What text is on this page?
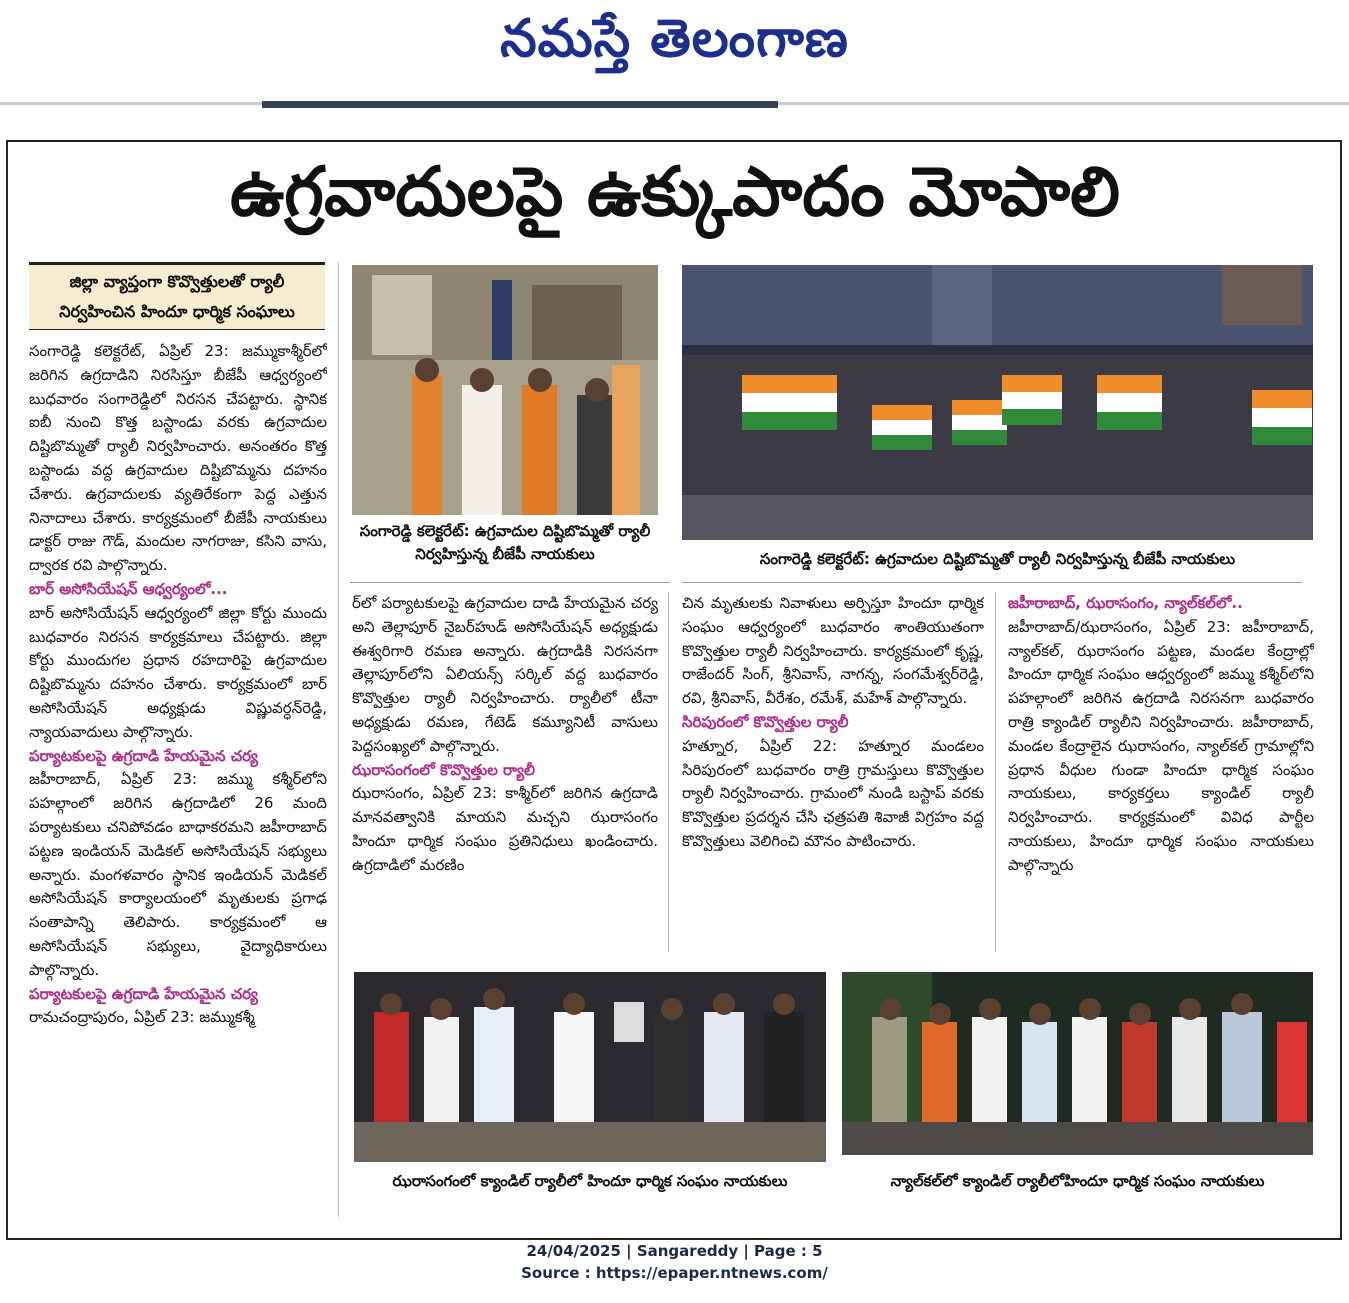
నమస్తే తెలంగాణ
ఉగ్రవాదులపై ఉక్కుపాదం మోపాలి
జిల్లా వ్యాప్తంగా కొవ్వొత్తులతో ర్యాలీ
నిర్వహించిన హిందూ ధార్మిక సంఘాలు

సంగారెడ్డి కలెక్టరేట్, ఏప్రిల్ 23: జమ్ముకాశ్మీర్‌లో జరిగిన ఉగ్రదాడిని నిరసిస్తూ బీజేపీ ఆధ్వర్యంలో బుధవారం సంగారెడ్డిలో నిరసన చేపట్టారు. స్థానిక ఐబీ నుంచి కొత్త బస్టాండు వరకు ఉగ్రవాదుల దిష్టిబొమ్మతో ర్యాలీ నిర్వహించారు. అనంతరం కొత్త బస్టాండు వద్ద ఉగ్రవాదుల దిష్టిబొమ్మను దహనం చేశారు. ఉగ్రవాదులకు వ్యతిరేకంగా పెద్ద ఎత్తున నినాదాలు చేశారు. కార్యక్రమంలో బీజేపీ నాయకులు డాక్టర్ రాజు గౌడ్, మందుల నాగరాజు, కసిని వాసు, ద్వారక రవి పాల్గొన్నారు.

బార్ అసోసియేషన్ ఆధ్వర్యంలో...

బార్ అసోసియేషన్ ఆధ్వర్యంలో జిల్లా కోర్టు ముందు బుధవారం నిరసన కార్యక్రమాలు చేపట్టారు. జిల్లా కోర్టు ముందుగల ప్రధాన రహదారిపై ఉగ్రవాదుల దిష్టిబొమ్మను దహనం చేశారు. కార్యక్రమంలో బార్ అసోసియేషన్ అధ్యక్షుడు విష్ణువర్ధన్‌రెడ్డి, న్యాయవాదులు పాల్గొన్నారు.

పర్యాటకులపై ఉగ్రదాడి హేయమైన చర్య

జహీరాబాద్, ఏప్రిల్ 23: జమ్ము కశ్మీర్‌లోని పహల్గాంలో జరిగిన ఉగ్రదాడిలో 26 మంది పర్యాటకులు చనిపోవడం బాధాకరమని జహీరాబాద్ పట్టణ ఇండియన్ మెడికల్ అసోసియేషన్ సభ్యులు అన్నారు. మంగళవారం స్థానిక ఇండియన్ మెడికల్ అసోసియేషన్ కార్యాలయంలో మృతులకు ప్రగాఢ సంతాపాన్ని తెలిపారు. కార్యక్రమంలో ఆ అసోసియేషన్ సభ్యులు, వైద్యాధికారులు పాల్గొన్నారు.

పర్యాటకులపై ఉగ్రదాడి హేయమైన చర్య

రామచంద్రాపురం, ఏప్రిల్ 23: జమ్ముకశ్మీ

సంగారెడ్డి కలెక్టరేట్: ఉగ్రవాదుల దిష్టిబొమ్మతో ర్యాలీ నిర్వహిస్తున్న బీజేపీ నాయకులు	సంగారెడ్డి కలెక్టరేట్: ఉగ్రవాదుల దిష్టిబొమ్మతో ర్యాలీ నిర్వహిస్తున్న బీజేపీ నాయకులు

ర్‌లో పర్యాటకులపై ఉగ్రవాదుల దాడి హేయమైన చర్య అని తెల్లాపూర్ నైబర్‌హుడ్ అసోసియేషన్ అధ్యక్షుడు ఈశ్వరిగారి రమణ అన్నారు. ఉగ్రదాడికి నిరసనగా తెల్లాపూర్‌లోని ఏలియన్స్ సర్కిల్ వద్ద బుధవారం కొవ్వొత్తుల ర్యాలీ నిర్వహించారు. ర్యాలీలో టీనా అధ్యక్షుడు రమణ, గేటెడ్ కమ్యూనిటీ వాసులు పెద్దసంఖ్యలో పాల్గొన్నారు.

ఝరాసంగంలో కొవ్వొత్తుల ర్యాలీ

ఝరాసంగం, ఏప్రిల్ 23: కాశ్మీర్‌లో జరిగిన ఉగ్రదాడి మానవత్వానికి మాయని మచ్చని ఝరాసంగం హిందూ ధార్మిక సంఘం ప్రతినిధులు ఖండించారు. ఉగ్రదాడిలో మరణిం

చిన మృతులకు నివాళులు అర్పిస్తూ హిందూ ధార్మిక సంఘం ఆధ్వర్యంలో బుధవారం శాంతియుతంగా కొవ్వొత్తుల ర్యాలీ నిర్వహించారు. కార్యక్రమంలో కృష్ణ, రాజేందర్ సింగ్, శ్రీనివాస్, నాగన్న, సంగమేశ్వర్‌రెడ్డి, రవి, శ్రీనివాస్, వీరేశం, రమేశ్, మహేశ్ పాల్గొన్నారు.

సిరిపురంలో కొవ్వొత్తుల ర్యాలీ

హత్నూర, ఏప్రిల్ 22: హత్నూర మండలం సిరిపురంలో బుధవారం రాత్రి గ్రామస్తులు కొవ్వొత్తుల ర్యాలీ నిర్వహించారు. గ్రామంలో నుండి బస్టాప్ వరకు కొవ్వొత్తుల ప్రదర్శన చేసి ఛత్రపతి శివాజీ విగ్రహం వద్ద కొవ్వొత్తులు వెలిగించి మౌనం పాటించారు.

జహీరాబాద్, ఝరాసంగం, న్యాల్‌కల్‌లో..

జహీరాబాద్/ఝరాసంగం, ఏప్రిల్ 23: జహీరాబాద్, న్యాల్‌కల్, ఝరాసంగం పట్టణ, మండల కేంద్రాల్లో హిందూ ధార్మిక సంఘం ఆధ్వర్యంలో జమ్ము కశ్మీర్‌లోని పహల్గాంలో జరిగిన ఉగ్రదాడి నిరసనగా బుధవారం రాత్రి క్యాండిల్ ర్యాలీని నిర్వహించారు. జహీరాబాద్, మండల కేంద్రాలైన ఝరాసంగం, న్యాల్‌కల్ గ్రామాల్లోని ప్రధాన వీధుల గుండా హిందూ ధార్మిక సంఘం నాయకులు, కార్యకర్తలు క్యాండిల్ ర్యాలీ నిర్వహించారు. కార్యక్రమంలో వివిధ పార్టీల నాయకులు, హిందూ ధార్మిక సంఘం నాయకులు పాల్గొన్నారు

ఝరాసంగంలో క్యాండిల్ ర్యాలీలో హిందూ ధార్మిక సంఘం నాయకులు	న్యాల్‌కల్‌లో క్యాండిల్ ర్యాలీలోహిందూ ధార్మిక సంఘం నాయకులు
24/04/2025 | Sangareddy | Page : 5
Source : https://epaper.ntnews.com/
